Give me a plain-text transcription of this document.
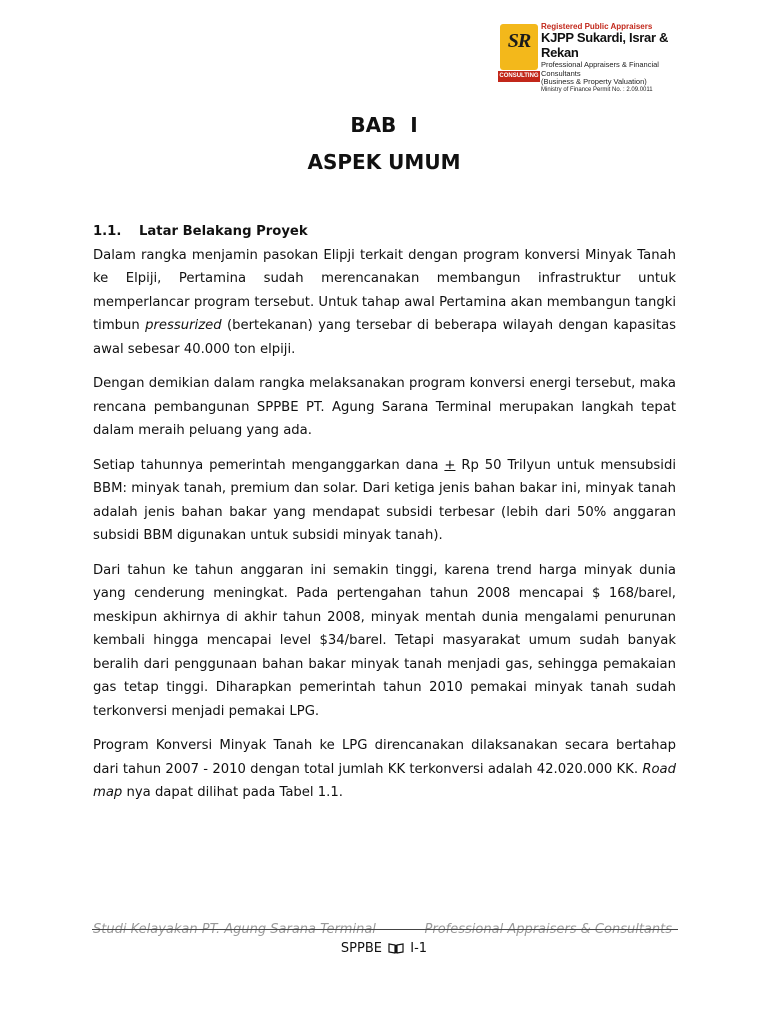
SR
CONSULTING
Registered Public Appraisers
KJPP Sukardi, Israr & Rekan
Professional Appraisers & Financial Consultants
(Business & Property Valuation)
Ministry of Finance Permit No. : 2.09.0011
BAB  I
ASPEK UMUM
1.1. Latar Belakang Proyek

Dalam rangka menjamin pasokan Elipji terkait dengan program konversi Minyak Tanah ke Elpiji, Pertamina sudah merencanakan membangun infrastruktur untuk memperlancar program tersebut. Untuk tahap awal Pertamina akan membangun tangki timbun pressurized (bertekanan) yang tersebar di beberapa wilayah dengan kapasitas awal sebesar 40.000 ton elpiji.

Dengan demikian dalam rangka melaksanakan program konversi energi tersebut, maka rencana pembangunan SPPBE PT. Agung Sarana Terminal merupakan langkah tepat dalam meraih peluang yang ada.

Setiap tahunnya pemerintah menganggarkan dana + Rp 50 Trilyun untuk mensubsidi BBM: minyak tanah, premium dan solar. Dari ketiga jenis bahan bakar ini, minyak tanah adalah jenis bahan bakar yang mendapat subsidi terbesar (lebih dari 50% anggaran subsidi BBM digunakan untuk subsidi minyak tanah).

Dari tahun ke tahun anggaran ini semakin tinggi, karena trend harga minyak dunia yang cenderung meningkat. Pada pertengahan tahun 2008 mencapai $ 168/barel, meskipun akhirnya di akhir tahun 2008, minyak mentah dunia mengalami penurunan kembali hingga mencapai level $34/barel. Tetapi masyarakat umum sudah banyak beralih dari penggunaan bahan bakar minyak tanah menjadi gas, sehingga pemakaian gas tetap tinggi. Diharapkan pemerintah tahun 2010 pemakai minyak tanah sudah terkonversi menjadi pemakai LPG.

Program Konversi Minyak Tanah ke LPG direncanakan dilaksanakan secara bertahap dari tahun 2007 - 2010 dengan total jumlah KK terkonversi adalah 42.020.000 KK. Road map nya dapat dilihat pada Tabel 1.1.

Studi Kelayakan PT. Agung Sarana Terminal	Professional Appraisers & Consultants
SPPBE I-1
